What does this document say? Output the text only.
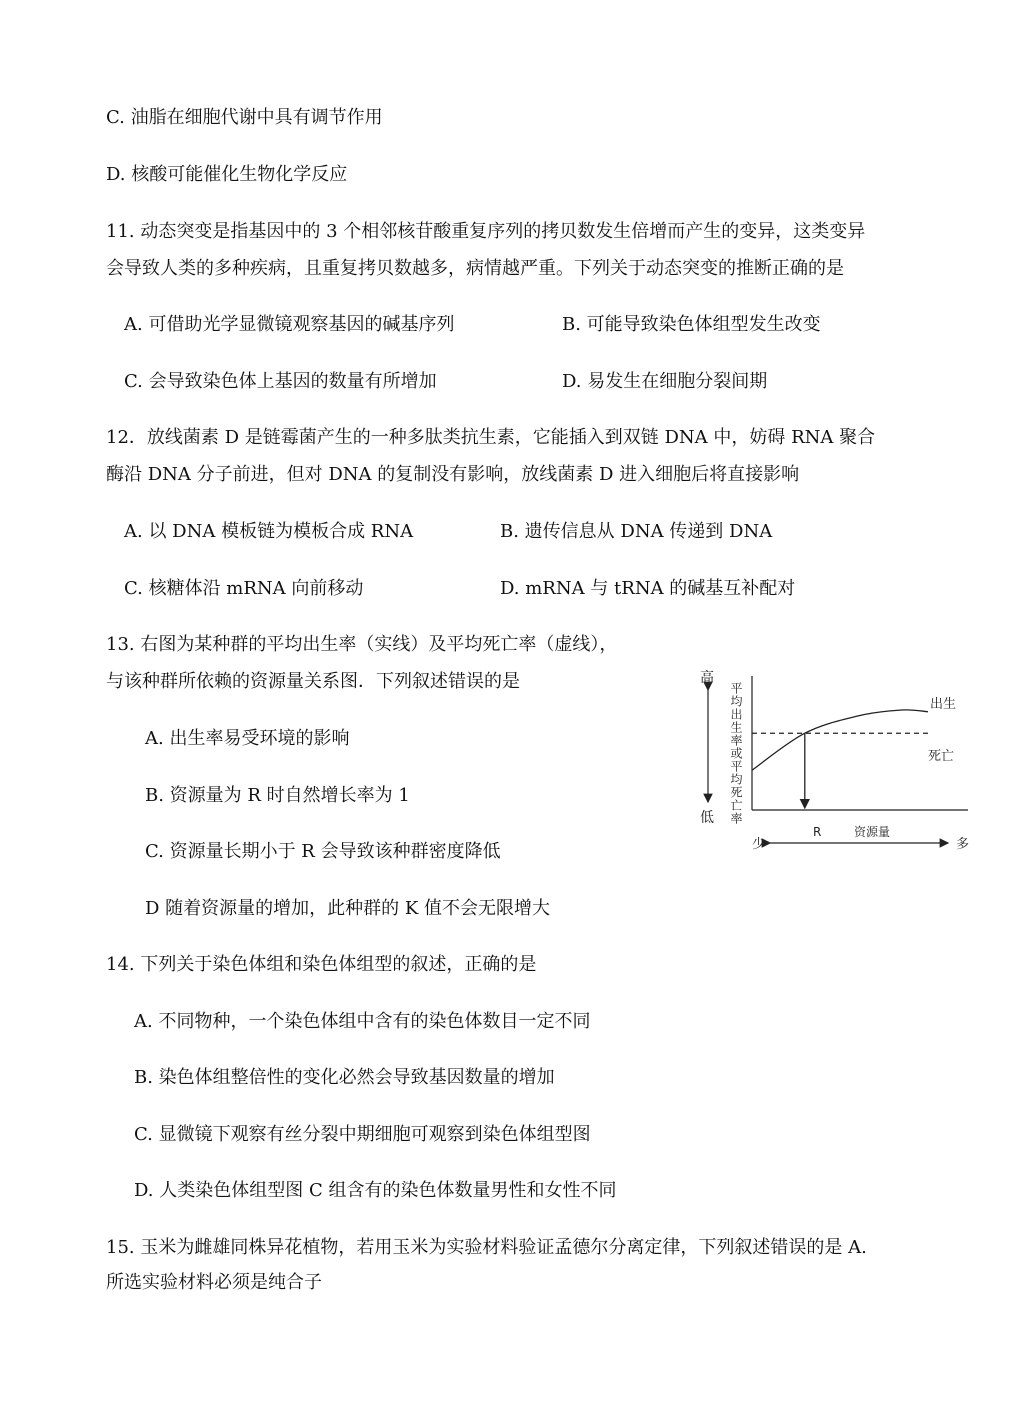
C. 油脂在细胞代谢中具有调节作用
D. 核酸可能催化生物化学反应
11. 动态突变是指基因中的 3 个相邻核苷酸重复序列的拷贝数发生倍增而产生的变异，这类变异
会导致人类的多种疾病，且重复拷贝数越多，病情越严重。下列关于动态突变的推断正确的是
A. 可借助光学显微镜观察基因的碱基序列	B. 可能导致染色体组型发生改变
C. 会导致染色体上基因的数量有所增加	D. 易发生在细胞分裂间期
12．放线菌素 D 是链霉菌产生的一种多肽类抗生素，它能插入到双链 DNA 中，妨碍 RNA 聚合
酶沿 DNA 分子前进，但对 DNA 的复制没有影响，放线菌素 D 进入细胞后将直接影响
A. 以 DNA 模板链为模板合成 RNA	B. 遗传信息从 DNA 传递到 DNA
C. 核糖体沿 mRNA 向前移动	D. mRNA 与 tRNA 的碱基互补配对
13. 右图为某种群的平均出生率（实线）及平均死亡率（虚线），
与该种群所依赖的资源量关系图．下列叙述错误的是
A. 出生率易受环境的影响
B. 资源量为 R 时自然增长率为 1
C. 资源量长期小于 R 会导致该种群密度降低
D 随着资源量的增加，此种群的 K 值不会无限增大
高
低 平均出生率或平均死亡率	出生
死亡
少
R	资源量
多
14. 下列关于染色体组和染色体组型的叙述，正确的是
A. 不同物种，一个染色体组中含有的染色体数目一定不同
B. 染色体组整倍性的变化必然会导致基因数量的增加
C. 显微镜下观察有丝分裂中期细胞可观察到染色体组型图
D. 人类染色体组型图 C 组含有的染色体数量男性和女性不同
15. 玉米为雌雄同株异花植物，若用玉米为实验材料验证孟德尔分离定律，下列叙述错误的是 A.
所选实验材料必须是纯合子
